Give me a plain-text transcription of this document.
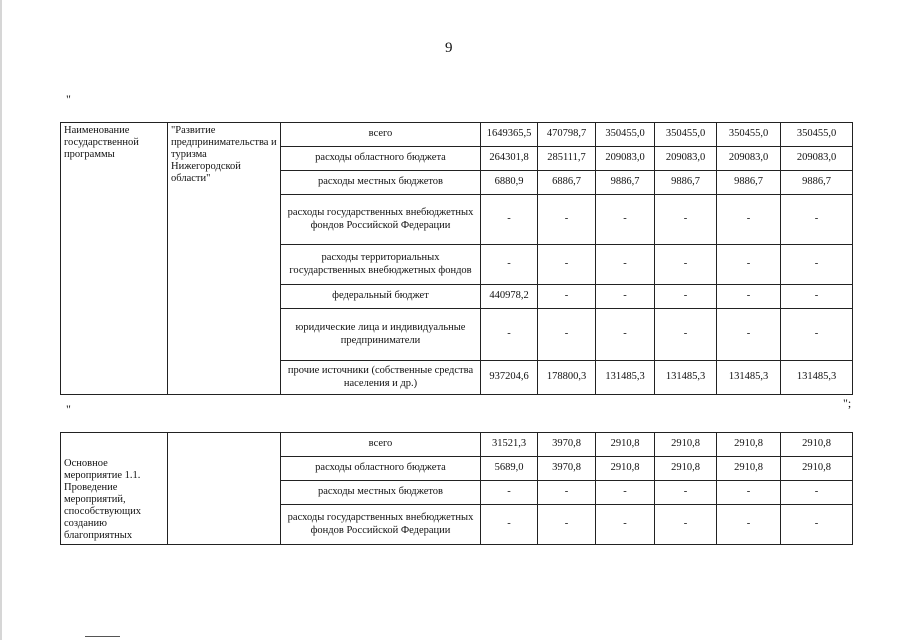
9
"
Наименование государственной программы	"Развитие предпринимательства и туризма Нижегородской области"	всего	1649365,5	470798,7	350455,0	350455,0	350455,0	350455,0
		расходы областного бюджета	264301,8	285111,7	209083,0	209083,0	209083,0	209083,0
		расходы местных бюджетов	6880,9	6886,7	9886,7	9886,7	9886,7	9886,7
		расходы государственных внебюджетных фондов Российской Федерации	-	-	-	-	-	-
		расходы территориальных государственных внебюджетных фондов	-	-	-	-	-	-
		федеральный бюджет	440978,2	-	-	-	-	-
		юридические лица и индивидуальные предприниматели	-	-	-	-	-	-
		прочие источники (собственные средства населения и др.)	937204,6	178800,3	131485,3	131485,3	131485,3	131485,3
"	";
Основное мероприятие 1.1. Проведение мероприятий, способствующих созданию благоприятных		всего	31521,3	3970,8	2910,8	2910,8	2910,8	2910,8
		расходы областного бюджета	5689,0	3970,8	2910,8	2910,8	2910,8	2910,8
		расходы местных бюджетов	-	-	-	-	-	-
		расходы государственных внебюджетных фондов Российской Федерации	-	-	-	-	-	-
